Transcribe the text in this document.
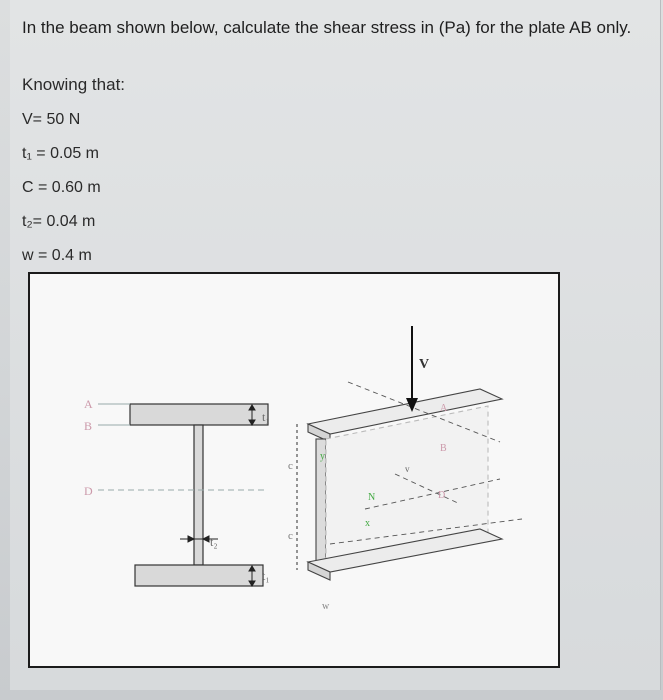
In the beam shown below, calculate the shear stress in (Pa) for the plate AB only.
Knowing that:
V= 50 N
t₁ = 0.05 m
C = 0.60 m
t₂= 0.04 m
w = 0.4 m
A
B
D
t₁
t₁
t₂
V
c
c
w
A
B
D
y
N
x
v
